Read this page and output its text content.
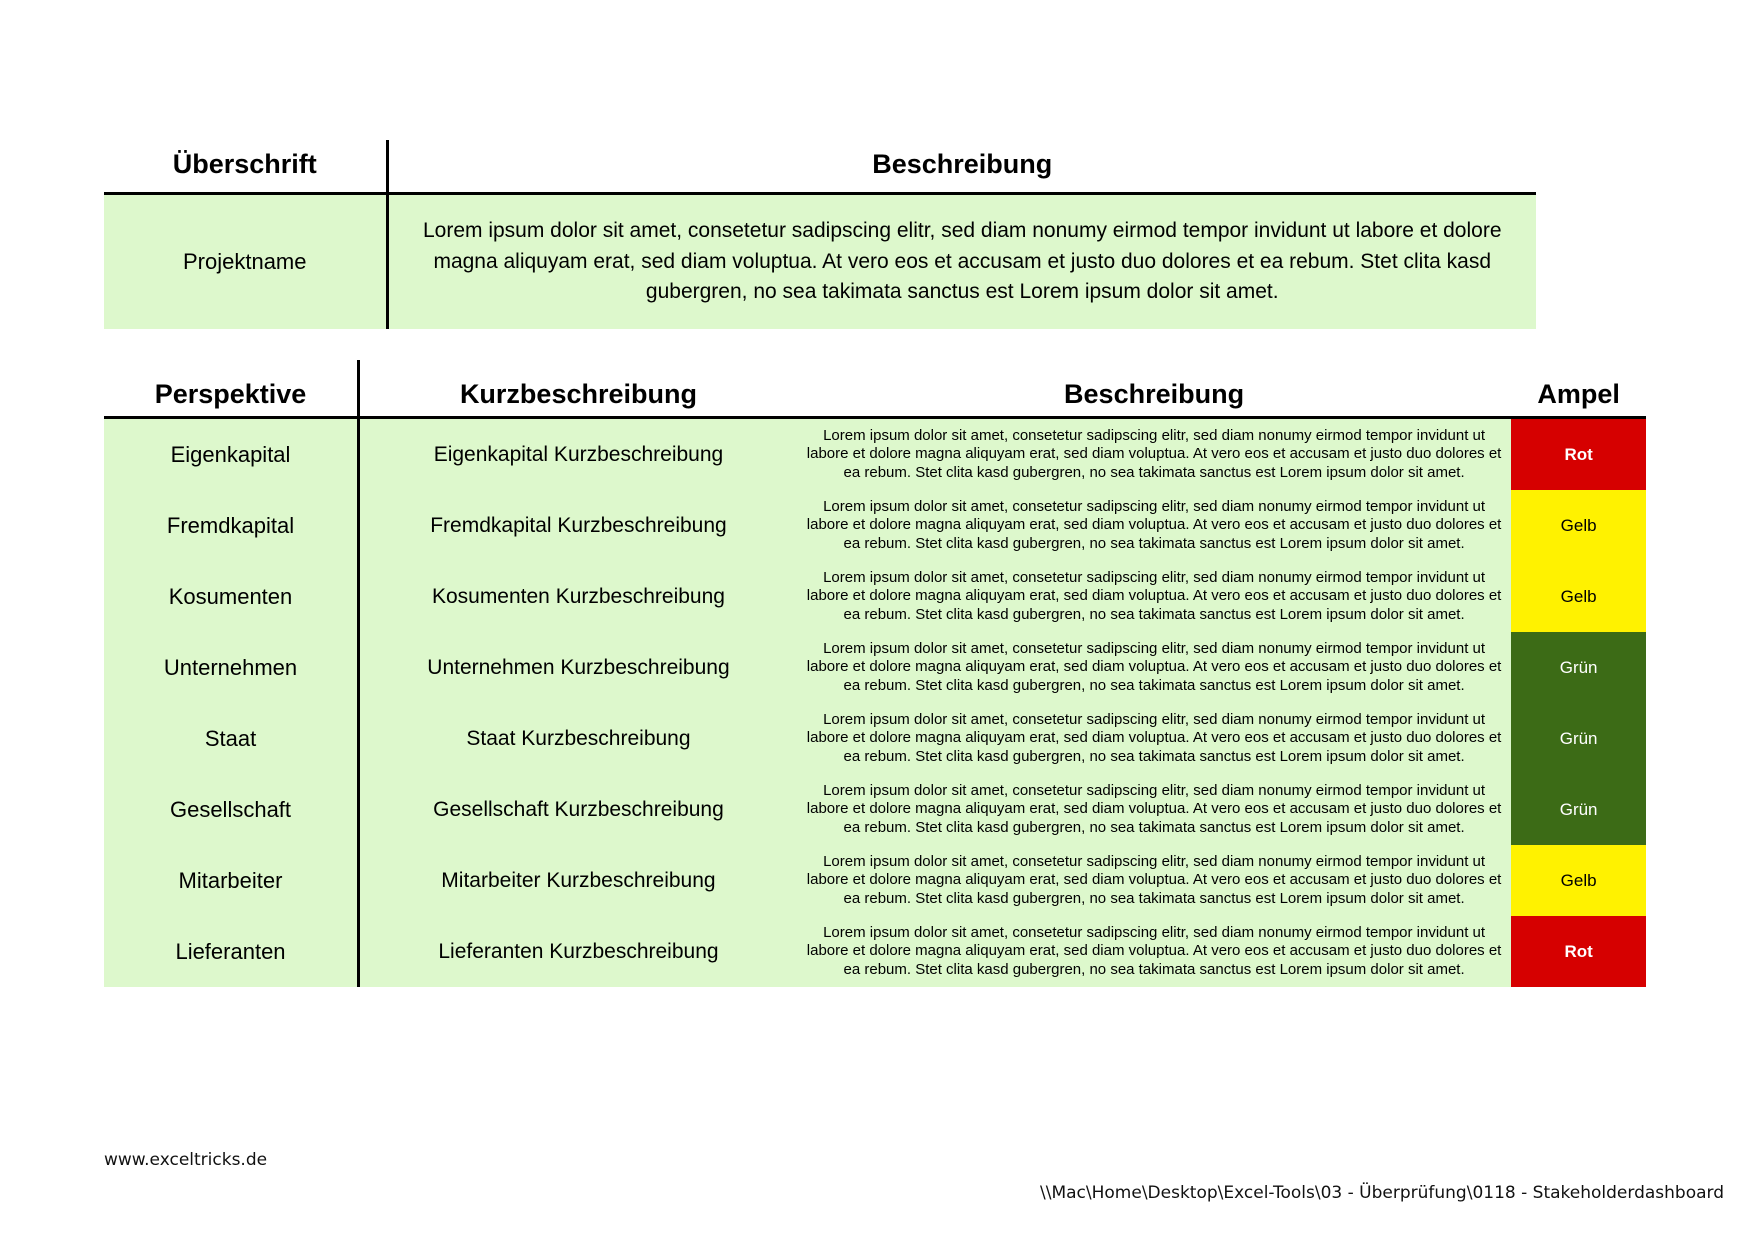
Überschrift	Beschreibung
Projektname	Lorem ipsum dolor sit amet, consetetur sadipscing elitr, sed diam nonumy eirmod tempor invidunt ut labore et dolore magna aliquyam erat, sed diam voluptua. At vero eos et accusam et justo duo dolores et ea rebum. Stet clita kasd gubergren, no sea takimata sanctus est Lorem ipsum dolor sit amet.
Perspektive	Kurzbeschreibung	Beschreibung	Ampel
Eigenkapital	Eigenkapital Kurzbeschreibung	Lorem ipsum dolor sit amet, consetetur sadipscing elitr, sed diam nonumy eirmod tempor invidunt ut labore et dolore magna aliquyam erat, sed diam voluptua. At vero eos et accusam et justo duo dolores et ea rebum. Stet clita kasd gubergren, no sea takimata sanctus est Lorem ipsum dolor sit amet.	Rot
Fremdkapital	Fremdkapital Kurzbeschreibung	Lorem ipsum dolor sit amet, consetetur sadipscing elitr, sed diam nonumy eirmod tempor invidunt ut labore et dolore magna aliquyam erat, sed diam voluptua. At vero eos et accusam et justo duo dolores et ea rebum. Stet clita kasd gubergren, no sea takimata sanctus est Lorem ipsum dolor sit amet.	Gelb
Kosumenten	Kosumenten Kurzbeschreibung	Lorem ipsum dolor sit amet, consetetur sadipscing elitr, sed diam nonumy eirmod tempor invidunt ut labore et dolore magna aliquyam erat, sed diam voluptua. At vero eos et accusam et justo duo dolores et ea rebum. Stet clita kasd gubergren, no sea takimata sanctus est Lorem ipsum dolor sit amet.	Gelb
Unternehmen	Unternehmen Kurzbeschreibung	Lorem ipsum dolor sit amet, consetetur sadipscing elitr, sed diam nonumy eirmod tempor invidunt ut labore et dolore magna aliquyam erat, sed diam voluptua. At vero eos et accusam et justo duo dolores et ea rebum. Stet clita kasd gubergren, no sea takimata sanctus est Lorem ipsum dolor sit amet.	Grün
Staat	Staat Kurzbeschreibung	Lorem ipsum dolor sit amet, consetetur sadipscing elitr, sed diam nonumy eirmod tempor invidunt ut labore et dolore magna aliquyam erat, sed diam voluptua. At vero eos et accusam et justo duo dolores et ea rebum. Stet clita kasd gubergren, no sea takimata sanctus est Lorem ipsum dolor sit amet.	Grün
Gesellschaft	Gesellschaft Kurzbeschreibung	Lorem ipsum dolor sit amet, consetetur sadipscing elitr, sed diam nonumy eirmod tempor invidunt ut labore et dolore magna aliquyam erat, sed diam voluptua. At vero eos et accusam et justo duo dolores et ea rebum. Stet clita kasd gubergren, no sea takimata sanctus est Lorem ipsum dolor sit amet.	Grün
Mitarbeiter	Mitarbeiter Kurzbeschreibung	Lorem ipsum dolor sit amet, consetetur sadipscing elitr, sed diam nonumy eirmod tempor invidunt ut labore et dolore magna aliquyam erat, sed diam voluptua. At vero eos et accusam et justo duo dolores et ea rebum. Stet clita kasd gubergren, no sea takimata sanctus est Lorem ipsum dolor sit amet.	Gelb
Lieferanten	Lieferanten Kurzbeschreibung	Lorem ipsum dolor sit amet, consetetur sadipscing elitr, sed diam nonumy eirmod tempor invidunt ut labore et dolore magna aliquyam erat, sed diam voluptua. At vero eos et accusam et justo duo dolores et ea rebum. Stet clita kasd gubergren, no sea takimata sanctus est Lorem ipsum dolor sit amet.	Rot
www.exceltricks.de
\\Mac\Home\Desktop\Excel-Tools\03 - Überprüfung\0118 - Stakeholderdashboard
